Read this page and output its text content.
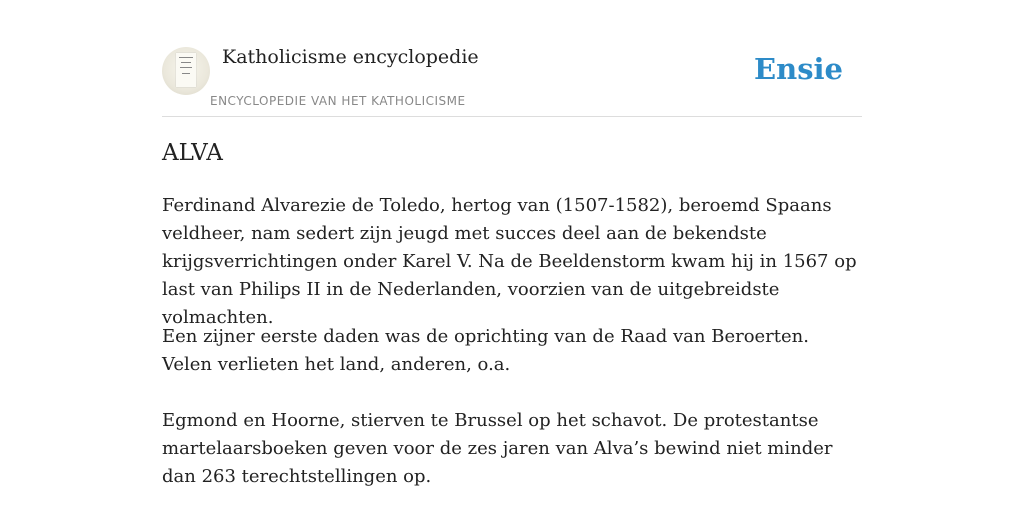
Katholicisme encyclopedie
ENCYCLOPEDIE VAN HET KATHOLICISME
Ensie
ALVA

Ferdinand Alvarezie de Toledo, hertog van (1507-1582), beroemd Spaans veldheer, nam sedert zijn jeugd met succes deel aan de bekendste krijgsverrichtingen onder Karel V. Na de Beeldenstorm kwam hij in 1567 op last van Philips II in de Nederlanden, voorzien van de uitgebreidste volmachten.

Een zijner eerste daden was de oprichting van de Raad van Beroerten. Velen verlieten het land, anderen, o.a.

Egmond en Hoorne, stierven te Brussel op het schavot. De protestantse martelaarsboeken geven voor de zes jaren van Alva’s bewind niet minder dan 263 terechtstellingen op.
